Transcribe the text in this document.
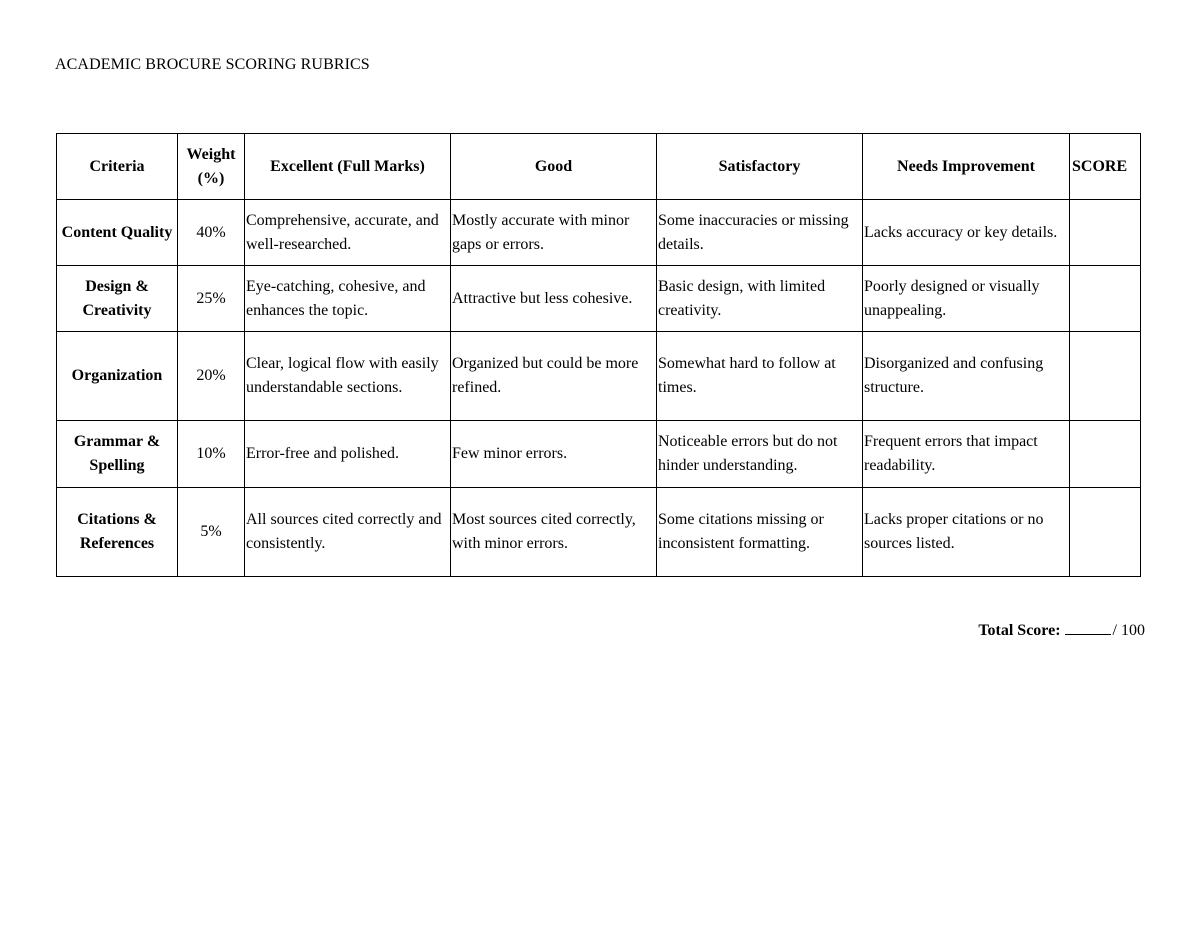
ACADEMIC BROCURE SCORING RUBRICS
Criteria	Weight (%)	Excellent (Full Marks)	Good	Satisfactory	Needs Improvement	SCORE
Content Quality	40%	Comprehensive, accurate, and well-researched.	Mostly accurate with minor gaps or errors.	Some inaccuracies or missing details.	Lacks accuracy or key details.	
Design & Creativity	25%	Eye-catching, cohesive, and enhances the topic.	Attractive but less cohesive.	Basic design, with limited creativity.	Poorly designed or visually unappealing.	
Organization	20%	Clear, logical flow with easily understandable sections.	Organized but could be more refined.	Somewhat hard to follow at times.	Disorganized and confusing structure.	
Grammar & Spelling	10%	Error-free and polished.	Few minor errors.	Noticeable errors but do not hinder understanding.	Frequent errors that impact readability.	
Citations & References	5%	All sources cited correctly and consistently.	Most sources cited correctly, with minor errors.	Some citations missing or inconsistent formatting.	Lacks proper citations or no sources listed.	
Total Score:	/ 100
